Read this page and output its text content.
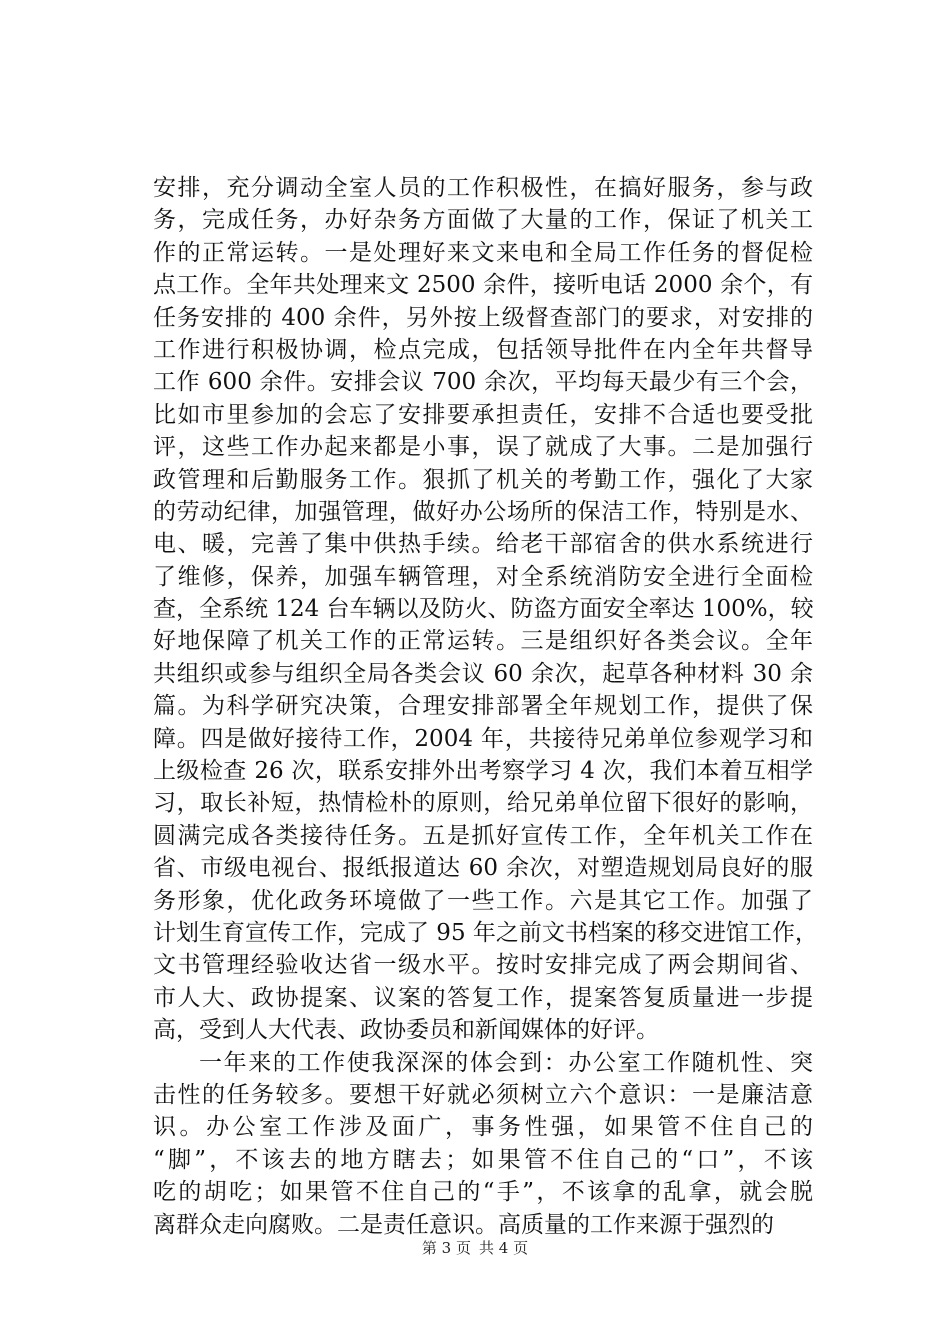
安排，充分调动全室人员的工作积极性，在搞好服务，参与政
务，完成任务，办好杂务方面做了大量的工作，保证了机关工
作的正常运转。一是处理好来文来电和全局工作任务的督促检
点工作。全年共处理来文 2500 余件，接听电话 2000 余个，有
任务安排的 400 余件，另外按上级督查部门的要求，对安排的
工作进行积极协调，检点完成，包括领导批件在内全年共督导
工作 600 余件。安排会议 700 余次，平均每天最少有三个会，
比如市里参加的会忘了安排要承担责任，安排不合适也要受批
评，这些工作办起来都是小事，误了就成了大事。二是加强行
政管理和后勤服务工作。狠抓了机关的考勤工作，强化了大家
的劳动纪律，加强管理，做好办公场所的保洁工作，特别是水、
电、暖，完善了集中供热手续。给老干部宿舍的供水系统进行
了维修，保养，加强车辆管理，对全系统消防安全进行全面检
查，全系统 124 台车辆以及防火、防盗方面安全率达 100%，较
好地保障了机关工作的正常运转。三是组织好各类会议。全年
共组织或参与组织全局各类会议 60 余次，起草各种材料 30 余
篇。为科学研究决策，合理安排部署全年规划工作，提供了保
障。四是做好接待工作，2004 年，共接待兄弟单位参观学习和
上级检查 26 次，联系安排外出考察学习 4 次，我们本着互相学
习，取长补短，热情检朴的原则，给兄弟单位留下很好的影响，
圆满完成各类接待任务。五是抓好宣传工作，全年机关工作在
省、市级电视台、报纸报道达 60 余次，对塑造规划局良好的服
务形象，优化政务环境做了一些工作。六是其它工作。加强了
计划生育宣传工作，完成了 95 年之前文书档案的移交进馆工作，
文书管理经验收达省一级水平。按时安排完成了两会期间省、
市人大、政协提案、议案的答复工作，提案答复质量进一步提
高，受到人大代表、政协委员和新闻媒体的好评。
一年来的工作使我深深的体会到：办公室工作随机性、突
击性的任务较多。要想干好就必须树立六个意识：一是廉洁意
识。办公室工作涉及面广，事务性强，如果管不住自己的
“脚”，不该去的地方瞎去；如果管不住自己的“口”，不该
吃的胡吃；如果管不住自己的“手”，不该拿的乱拿，就会脱
离群众走向腐败。二是责任意识。高质量的工作来源于强烈的
第 3 页 共 4 页
